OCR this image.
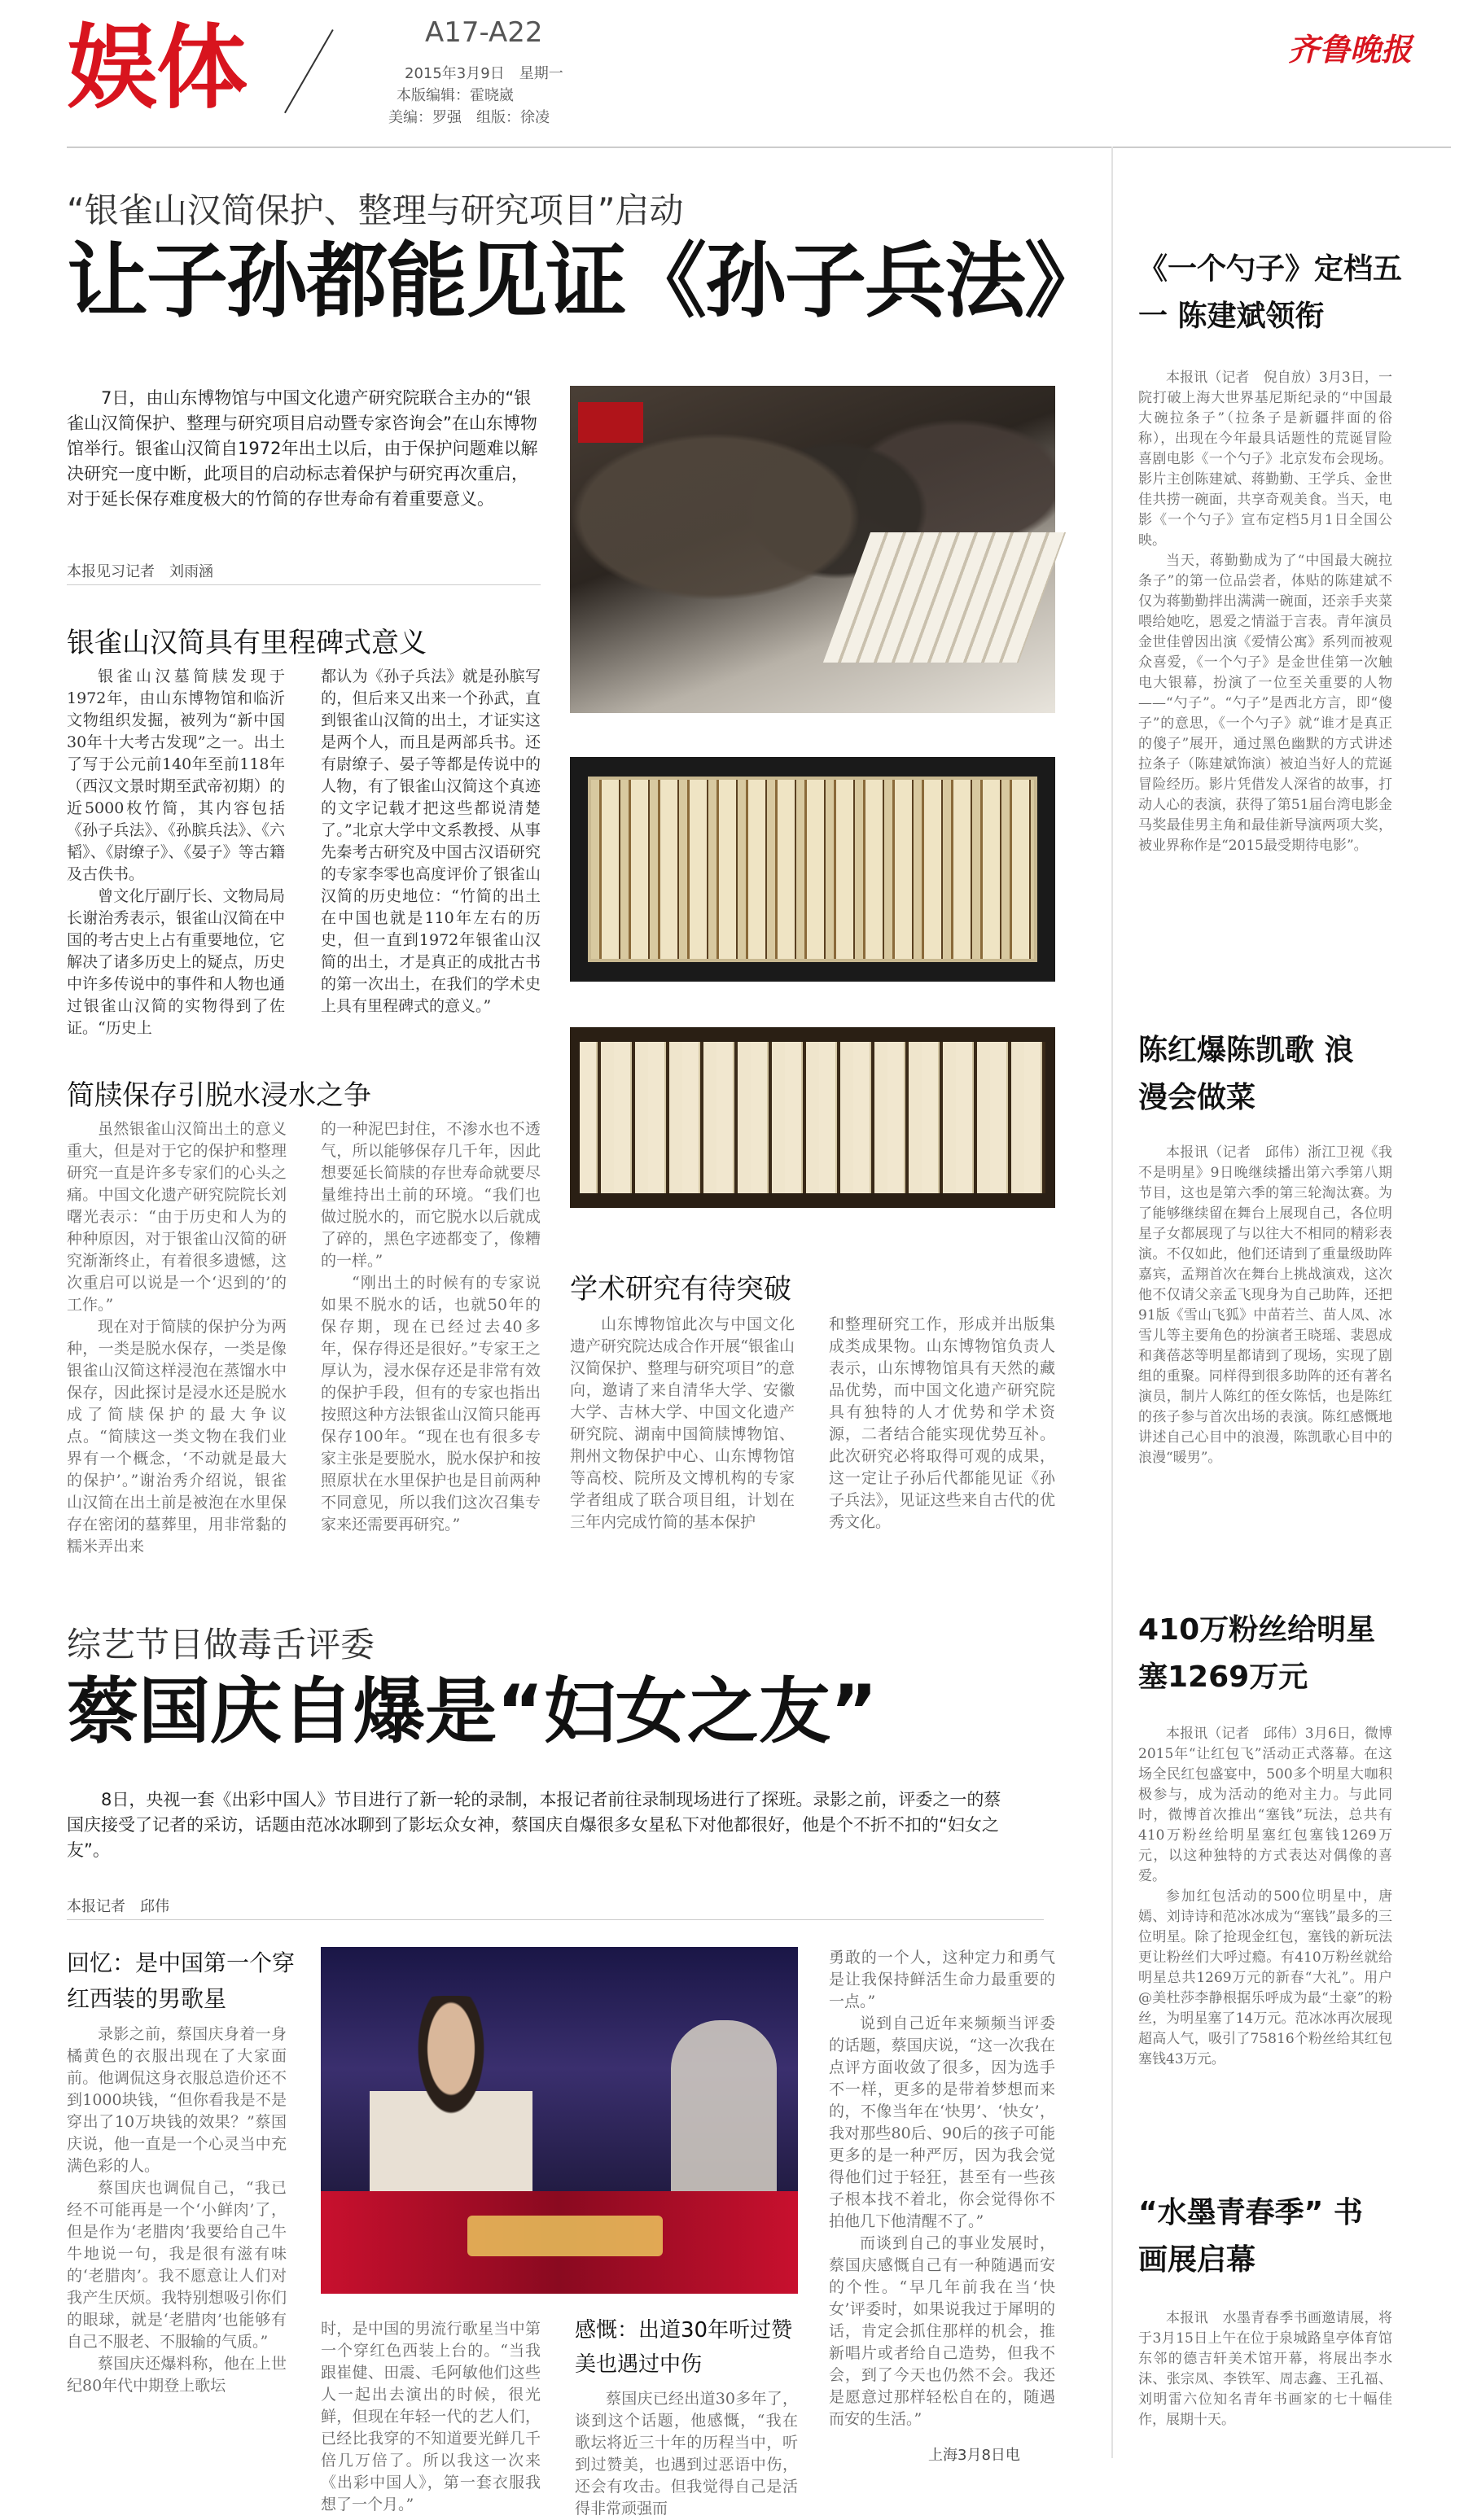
娱体	A17-A22
2015年3月9日　星期一
本版编辑：霍晓崴
美编：罗强　组版：徐凌
齐鲁晚报
“银雀山汉简保护、整理与研究项目”启动
让子孙都能见证《孙子兵法》
7日，由山东博物馆与中国文化遗产研究院联合主办的“银雀山汉简保护、整理与研究项目启动暨专家咨询会”在山东博物馆举行。银雀山汉简自1972年出土以后，由于保护问题难以解决研究一度中断，此项目的启动标志着保护与研究再次重启，对于延长保存难度极大的竹简的存世寿命有着重要意义。
本报见习记者　刘雨涵
银雀山汉简具有里程碑式意义

银雀山汉墓简牍发现于1972年，由山东博物馆和临沂文物组织发掘，被列为“新中国30年十大考古发现”之一。出土了写于公元前140年至前118年（西汉文景时期至武帝初期）的近5000枚竹简，其内容包括《孙子兵法》、《孙膑兵法》、《六韬》、《尉缭子》、《晏子》等古籍及古佚书。

曾文化厅副厅长、文物局局长谢治秀表示，银雀山汉简在中国的考古史上占有重要地位，它解决了诸多历史上的疑点，历史中许多传说中的事件和人物也通过银雀山汉简的实物得到了佐证。“历史上

都认为《孙子兵法》就是孙膑写的，但后来又出来一个孙武，直到银雀山汉简的出土，才证实这是两个人，而且是两部兵书。还有尉缭子、晏子等都是传说中的人物，有了银雀山汉简这个真迹的文字记载才把这些都说清楚了。”北京大学中文系教授、从事先秦考古研究及中国古汉语研究的专家李零也高度评价了银雀山汉简的历史地位：“竹简的出土在中国也就是110年左右的历史，但一直到1972年银雀山汉简的出土，才是真正的成批古书的第一次出土，在我们的学术史上具有里程碑式的意义。”
简牍保存引脱水浸水之争

虽然银雀山汉简出土的意义重大，但是对于它的保护和整理研究一直是许多专家们的心头之痛。中国文化遗产研究院院长刘曙光表示：“由于历史和人为的种种原因，对于银雀山汉简的研究渐渐终止，有着很多遗憾，这次重启可以说是一个‘迟到的’的工作。”

现在对于简牍的保护分为两种，一类是脱水保存，一类是像银雀山汉简这样浸泡在蒸馏水中保存，因此探讨是浸水还是脱水成了简牍保护的最大争议点。“简牍这一类文物在我们业界有一个概念，‘不动就是最大的保护’。”谢治秀介绍说，银雀山汉简在出土前是被泡在水里保存在密闭的墓葬里，用非常黏的糯米弄出来

的一种泥巴封住，不渗水也不透气，所以能够保存几千年，因此想要延长简牍的存世寿命就要尽量维持出土前的环境。“我们也做过脱水的，而它脱水以后就成了碎的，黑色字迹都变了，像糟的一样。”

“刚出土的时候有的专家说如果不脱水的话，也就50年的保存期，现在已经过去40多年，保存得还是很好。”专家王之厚认为，浸水保存还是非常有效的保护手段，但有的专家也指出按照这种方法银雀山汉简只能再保存100年。“现在也有很多专家主张是要脱水，脱水保护和按照原状在水里保护也是目前两种不同意见，所以我们这次召集专家来还需要再研究。”

学术研究有待突破
山东博物馆此次与中国文化遗产研究院达成合作开展“银雀山汉简保护、整理与研究项目”的意向，邀请了来自清华大学、安徽大学、吉林大学、中国文化遗产研究院、湖南中国简牍博物馆、荆州文物保护中心、山东博物馆等高校、院所及文博机构的专家学者组成了联合项目组，计划在三年内完成竹简的基本保护
和整理研究工作，形成并出版集成类成果物。山东博物馆负责人表示，山东博物馆具有天然的藏品优势，而中国文化遗产研究院具有独特的人才优势和学术资源，二者结合能实现优势互补。此次研究必将取得可观的成果，这一定让子孙后代都能见证《孙子兵法》，见证这些来自古代的优秀文化。
综艺节目做毒舌评委
蔡国庆自爆是“妇女之友”
8日，央视一套《出彩中国人》节目进行了新一轮的录制，本报记者前往录制现场进行了探班。录影之前，评委之一的蔡国庆接受了记者的采访，话题由范冰冰聊到了影坛众女神，蔡国庆自爆很多女星私下对他都很好，他是个不折不扣的“妇女之友”。
本报记者　邱伟
回忆：是中国第一个穿红西装的男歌星

录影之前，蔡国庆身着一身橘黄色的衣服出现在了大家面前。他调侃这身衣服总造价还不到1000块钱，“但你看我是不是穿出了10万块钱的效果？”蔡国庆说，他一直是一个心灵当中充满色彩的人。

蔡国庆也调侃自己，“我已经不可能再是一个‘小鲜肉’了，但是作为‘老腊肉’我要给自己牛牛地说一句，我是很有滋有味的‘老腊肉’。我不愿意让人们对我产生厌烦。我特别想吸引你们的眼球，就是‘老腊肉’也能够有自己不服老、不服输的气质。”

蔡国庆还爆料称，他在上世纪80年代中期登上歌坛

时，是中国的男流行歌星当中第一个穿红色西装上台的。“当我跟崔健、田震、毛阿敏他们这些人一起出去演出的时候，很光鲜，但现在年轻一代的艺人们，已经比我穿的不知道要光鲜几千倍几万倍了。所以我这一次来《出彩中国人》，第一套衣服我想了一个月。”
感慨：出道30年听过赞美也遇过中伤
蔡国庆已经出道30多年了，谈到这个话题，他感慨，“我在歌坛将近三十年的历程当中，听到过赞美，也遇到过恶语中伤，还会有攻击。但我觉得自己是活得非常顽强而

勇敢的一个人，这种定力和勇气是让我保持鲜活生命力最重要的一点。”

说到自己近年来频频当评委的话题，蔡国庆说，“这一次我在点评方面收敛了很多，因为选手不一样，更多的是带着梦想而来的，不像当年在‘快男’、‘快女’，我对那些80后、90后的孩子可能更多的是一种严厉，因为我会觉得他们过于轻狂，甚至有一些孩子根本找不着北，你会觉得你不拍他几下他清醒不了。”

而谈到自己的事业发展时，蔡国庆感慨自己有一种随遇而安的个性。“早几年前我在当‘快女’评委时，如果说我过于犀明的话，肯定会抓住那样的机会，推新唱片或者给自己造势，但我不会，到了今天也仍然不会。我还是愿意过那样轻松自在的，随遇而安的生活。”

上海3月8日电
《一个勺子》定档五一 陈建斌领衔

本报讯（记者　倪自放）3月3日，一院打破上海大世界基尼斯纪录的“中国最大碗拉条子”（拉条子是新疆拌面的俗称），出现在今年最具话题性的荒诞冒险喜剧电影《一个勺子》北京发布会现场。影片主创陈建斌、蒋勤勤、王学兵、金世佳共捞一碗面，共享奇观美食。当天，电影《一个勺子》宣布定档5月1日全国公映。

当天，蒋勤勤成为了“中国最大碗拉条子”的第一位品尝者，体贴的陈建斌不仅为蒋勤勤拌出满满一碗面，还亲手夹菜喂给她吃，恩爱之情溢于言表。青年演员金世佳曾因出演《爱情公寓》系列而被观众喜爱，《一个勺子》是金世佳第一次触电大银幕，扮演了一位至关重要的人物——“勺子”。“勺子”是西北方言，即“傻子”的意思，《一个勺子》就“谁才是真正的傻子”展开，通过黑色幽默的方式讲述拉条子（陈建斌饰演）被迫当好人的荒诞冒险经历。影片凭借发人深省的故事，打动人心的表演，获得了第51届台湾电影金马奖最佳男主角和最佳新导演两项大奖，被业界称作是“2015最受期待电影”。

陈红爆陈凯歌 浪漫会做菜
本报讯（记者　邱伟）浙江卫视《我不是明星》9日晚继续播出第六季第八期节目，这也是第六季的第三轮淘汰赛。为了能够继续留在舞台上展现自己，各位明星子女都展现了与以往大不相同的精彩表演。不仅如此，他们还请到了重量级助阵嘉宾，孟翔首次在舞台上挑战演戏，这次他不仅请父亲孟飞现身为自己助阵，还把91版《雪山飞狐》中苗若兰、苗人凤、冰雪儿等主要角色的扮演者王晓瑶、裴恩成和龚蓓苾等明星都请到了现场，实现了剧组的重聚。同样得到很多助阵的还有著名演员，制片人陈红的侄女陈恬，也是陈红的孩子参与首次出场的表演。陈红感慨地讲述自己心目中的浪漫，陈凯歌心目中的浪漫“暖男”。
410万粉丝给明星塞1269万元

本报讯（记者　邱伟）3月6日，微博2015年“让红包飞”活动正式落幕。在这场全民红包盛宴中，500多个明星大咖积极参与，成为活动的绝对主力。与此同时，微博首次推出“塞钱”玩法，总共有410万粉丝给明星塞红包塞钱1269万元，以这种独特的方式表达对偶像的喜爱。

参加红包活动的500位明星中，唐嫣、刘诗诗和范冰冰成为“塞钱”最多的三位明星。除了抢现金红包，塞钱的新玩法更让粉丝们大呼过瘾。有410万粉丝就给明星总共1269万元的新春“大礼”。用户@美杜莎李静根据乐呼成为最“土豪”的粉丝，为明星塞了14万元。范冰冰再次展现超高人气，吸引了75816个粉丝给其红包塞钱43万元。

“水墨青春季” 书画展启幕
本报讯　水墨青春季书画邀请展，将于3月15日上午在位于泉城路皇亭体育馆东邻的德吉轩美术馆开幕，将展出李水沫、张宗凤、李铁军、周志鑫、王孔福、刘明雷六位知名青年书画家的七十幅佳作，展期十天。
